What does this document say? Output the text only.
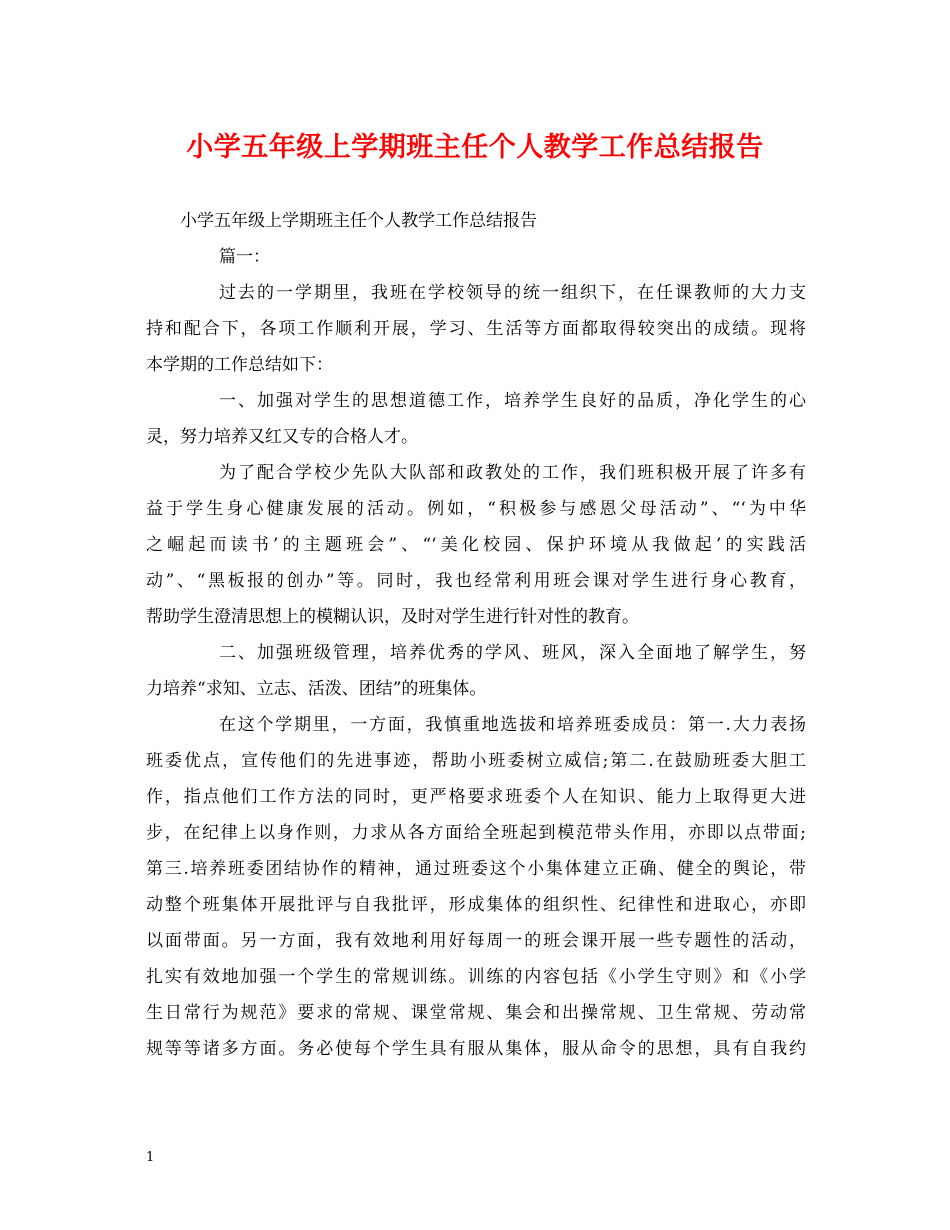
小学五年级上学期班主任个人教学工作总结报告
小学五年级上学期班主任个人教学工作总结报告
篇一：
过去的一学期里，我班在学校领导的统一组织下，在任课教师的大力支
持和配合下，各项工作顺利开展，学习、生活等方面都取得较突出的成绩。现将
本学期的工作总结如下：
一、加强对学生的思想道德工作，培养学生良好的品质，净化学生的心
灵，努力培养又红又专的合格人才。
为了配合学校少先队大队部和政教处的工作，我们班积极开展了许多有
益于学生身心健康发展的活动。例如，“积极参与感恩父母活动”、“‘为中华
之崛起而读书’的主题班会”、“‘美化校园、保护环境从我做起’的实践活
动”、“黑板报的创办”等。同时，我也经常利用班会课对学生进行身心教育，
帮助学生澄清思想上的模糊认识，及时对学生进行针对性的教育。
二、加强班级管理，培养优秀的学风、班风，深入全面地了解学生，努
力培养“求知、立志、活泼、团结”的班集体。
在这个学期里，一方面，我慎重地选拔和培养班委成员：第一.大力表扬
班委优点，宣传他们的先进事迹，帮助小班委树立威信;第二.在鼓励班委大胆工
作，指点他们工作方法的同时，更严格要求班委个人在知识、能力上取得更大进
步，在纪律上以身作则，力求从各方面给全班起到模范带头作用，亦即以点带面;
第三.培养班委团结协作的精神，通过班委这个小集体建立正确、健全的舆论，带
动整个班集体开展批评与自我批评，形成集体的组织性、纪律性和进取心，亦即
以面带面。另一方面，我有效地利用好每周一的班会课开展一些专题性的活动，
扎实有效地加强一个学生的常规训练。训练的内容包括《小学生守则》和《小学
生日常行为规范》要求的常规、课堂常规、集会和出操常规、卫生常规、劳动常
规等等诸多方面。务必使每个学生具有服从集体，服从命令的思想，具有自我约
1
